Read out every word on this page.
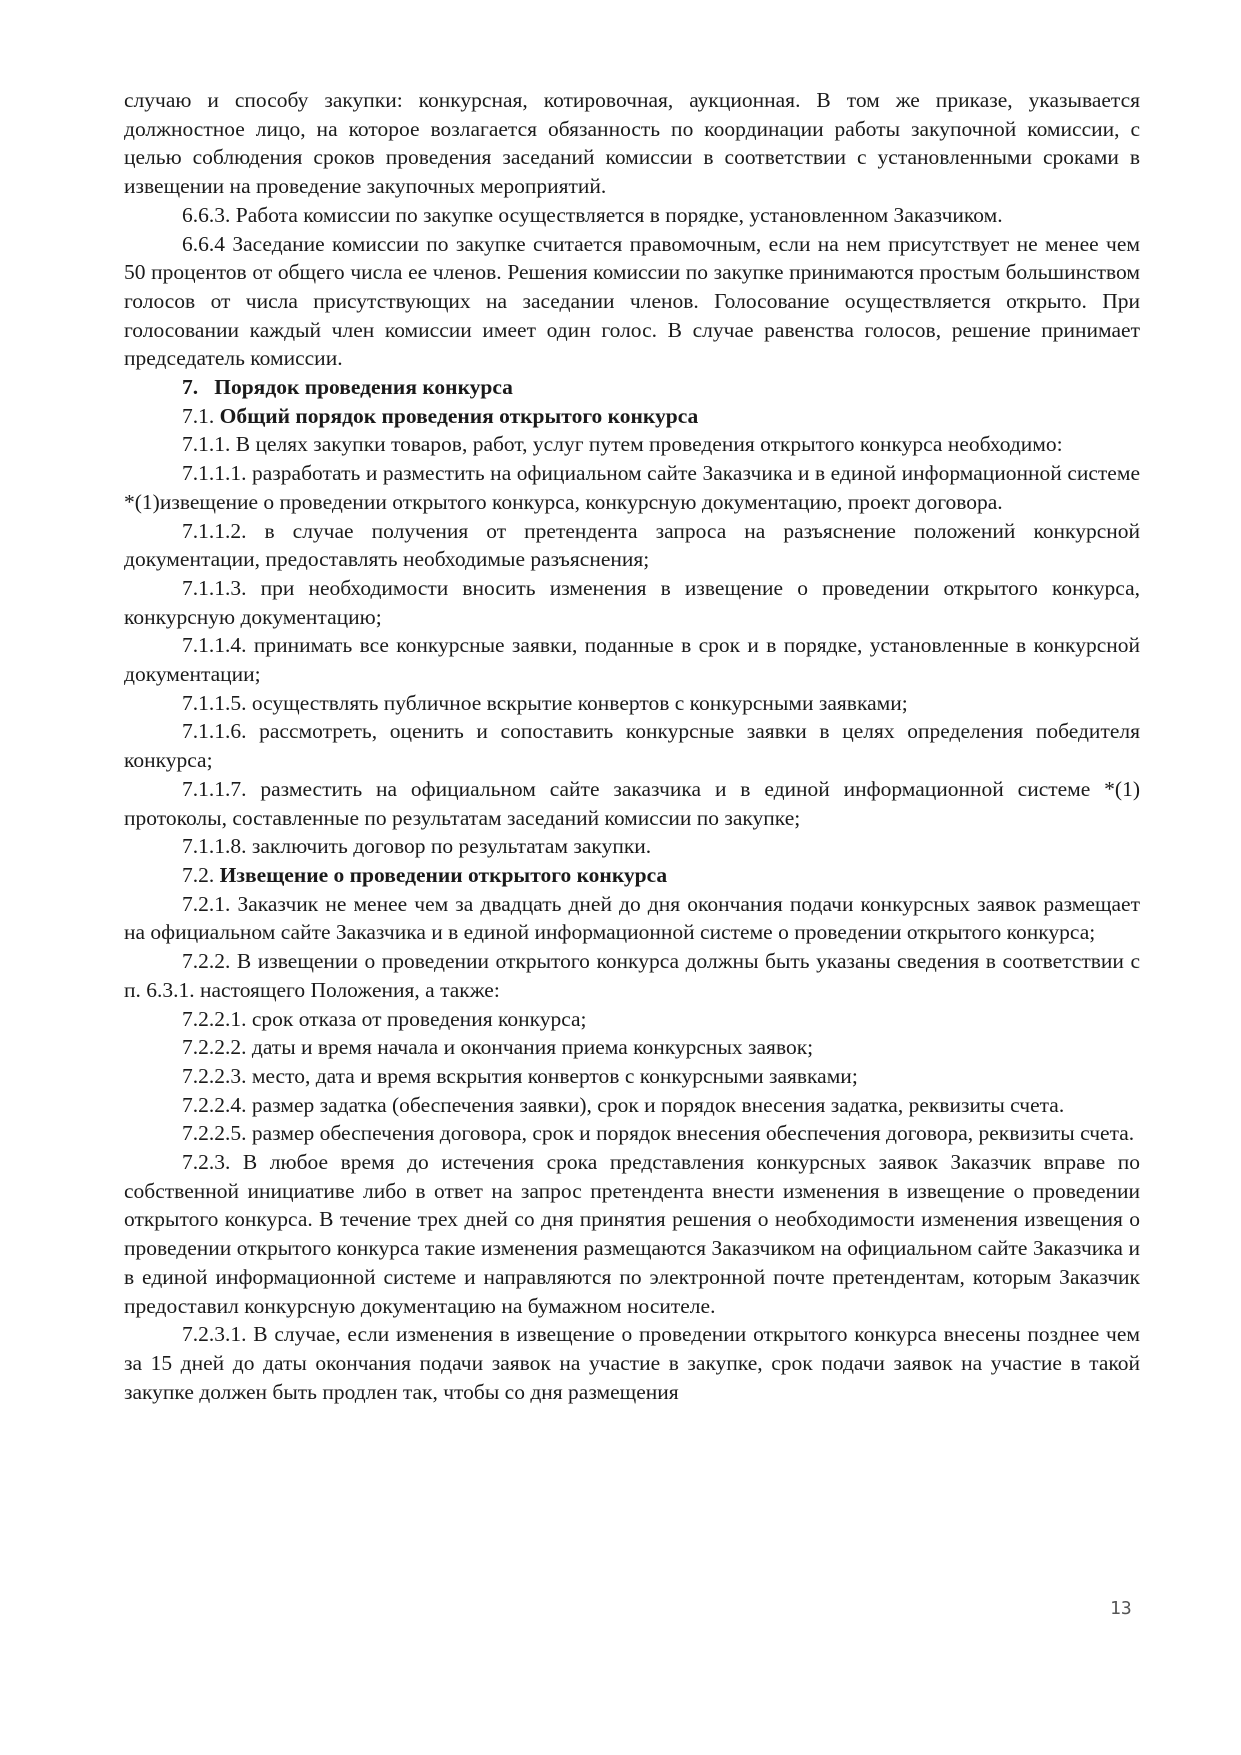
случаю и способу закупки: конкурсная, котировочная, аукционная. В том же приказе, указывается должностное лицо, на которое возлагается обязанность по координации работы закупочной комиссии, с целью соблюдения сроков проведения заседаний комиссии в соответствии с установленными сроками в извещении на проведение закупочных мероприятий.

6.6.3. Работа комиссии по закупке осуществляется в порядке, установленном Заказчиком.

6.6.4 Заседание комиссии по закупке считается правомочным, если на нем присутствует не менее чем 50 процентов от общего числа ее членов. Решения комиссии по закупке принимаются простым большинством голосов от числа присутствующих на заседании членов. Голосование осуществляется открыто. При голосовании каждый член комиссии имеет один голос. В случае равенства голосов, решение принимает председатель комиссии.

7. Порядок проведения конкурса

7.1. Общий порядок проведения открытого конкурса

7.1.1. В целях закупки товаров, работ, услуг путем проведения открытого конкурса необходимо:

7.1.1.1. разработать и разместить на официальном сайте Заказчика и в единой информационной системе *(1)извещение о проведении открытого конкурса, конкурсную документацию, проект договора.

7.1.1.2. в случае получения от претендента запроса на разъяснение положений конкурсной документации, предоставлять необходимые разъяснения;

7.1.1.3. при необходимости вносить изменения в извещение о проведении открытого конкурса, конкурсную документацию;

7.1.1.4. принимать все конкурсные заявки, поданные в срок и в порядке, установленные в конкурсной документации;

7.1.1.5. осуществлять публичное вскрытие конвертов с конкурсными заявками;

7.1.1.6. рассмотреть, оценить и сопоставить конкурсные заявки в целях определения победителя конкурса;

7.1.1.7. разместить на официальном сайте заказчика и в единой информационной системе *(1) протоколы, составленные по результатам заседаний комиссии по закупке;

7.1.1.8. заключить договор по результатам закупки.

7.2. Извещение о проведении открытого конкурса

7.2.1. Заказчик не менее чем за двадцать дней до дня окончания подачи конкурсных заявок размещает на официальном сайте Заказчика и в единой информационной системе о проведении открытого конкурса;

7.2.2. В извещении о проведении открытого конкурса должны быть указаны сведения в соответствии с п. 6.3.1. настоящего Положения, а также:

7.2.2.1. срок отказа от проведения конкурса;

7.2.2.2. даты и время начала и окончания приема конкурсных заявок;

7.2.2.3. место, дата и время вскрытия конвертов с конкурсными заявками;

7.2.2.4. размер задатка (обеспечения заявки), срок и порядок внесения задатка, реквизиты счета.

7.2.2.5. размер обеспечения договора, срок и порядок внесения обеспечения договора, реквизиты счета.

7.2.3. В любое время до истечения срока представления конкурсных заявок Заказчик вправе по собственной инициативе либо в ответ на запрос претендента внести изменения в извещение о проведении открытого конкурса. В течение трех дней со дня принятия решения о необходимости изменения извещения о проведении открытого конкурса такие изменения размещаются Заказчиком на официальном сайте Заказчика и в единой информационной системе и направляются по электронной почте претендентам, которым Заказчик предоставил конкурсную документацию на бумажном носителе.

7.2.3.1. В случае, если изменения в извещение о проведении открытого конкурса внесены позднее чем за 15 дней до даты окончания подачи заявок на участие в закупке, срок подачи заявок на участие в такой закупке должен быть продлен так, чтобы со дня размещения

13
